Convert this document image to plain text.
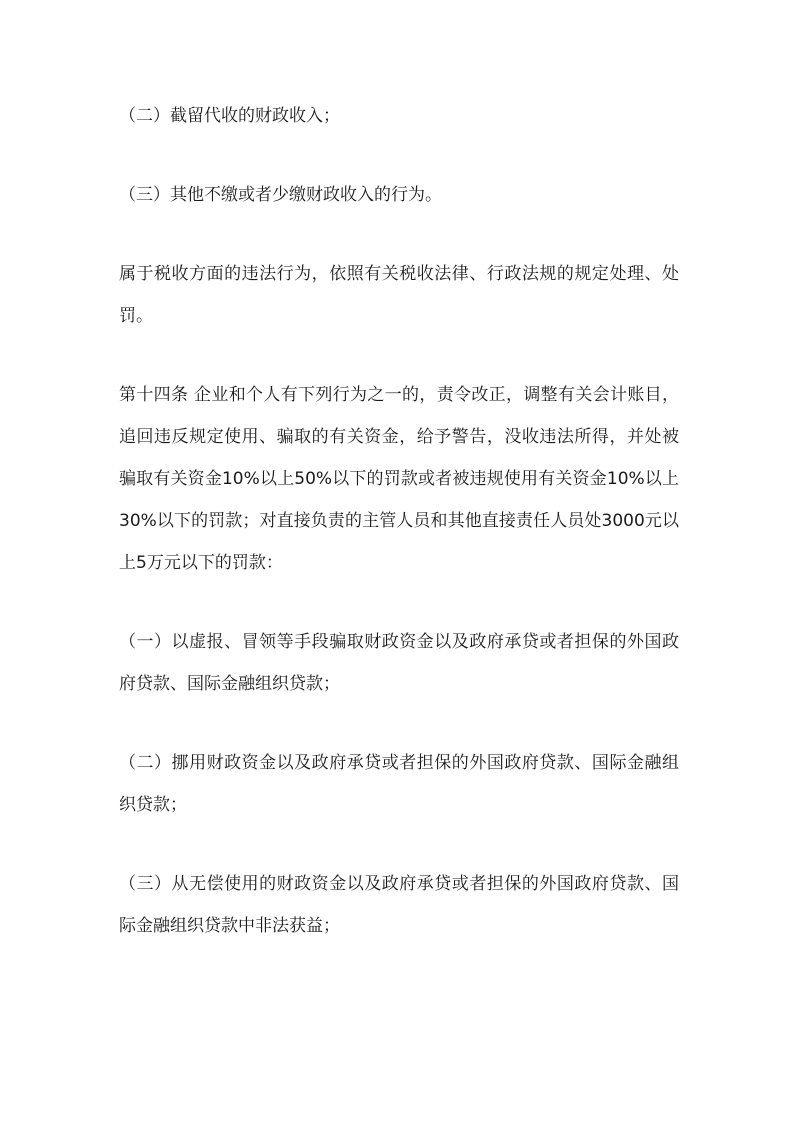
（二）截留代收的财政收入；

（三）其他不缴或者少缴财政收入的行为。

属于税收方面的违法行为，依照有关税收法律、行政法规的规定处理、处罚。

第十四条 企业和个人有下列行为之一的，责令改正，调整有关会计账目，追回违反规定使用、骗取的有关资金，给予警告，没收违法所得，并处被骗取有关资金10%以上50%以下的罚款或者被违规使用有关资金10%以上30%以下的罚款；对直接负责的主管人员和其他直接责任人员处3000元以上5万元以下的罚款：

（一）以虚报、冒领等手段骗取财政资金以及政府承贷或者担保的外国政府贷款、国际金融组织贷款；

（二）挪用财政资金以及政府承贷或者担保的外国政府贷款、国际金融组织贷款；

（三）从无偿使用的财政资金以及政府承贷或者担保的外国政府贷款、国际金融组织贷款中非法获益；
